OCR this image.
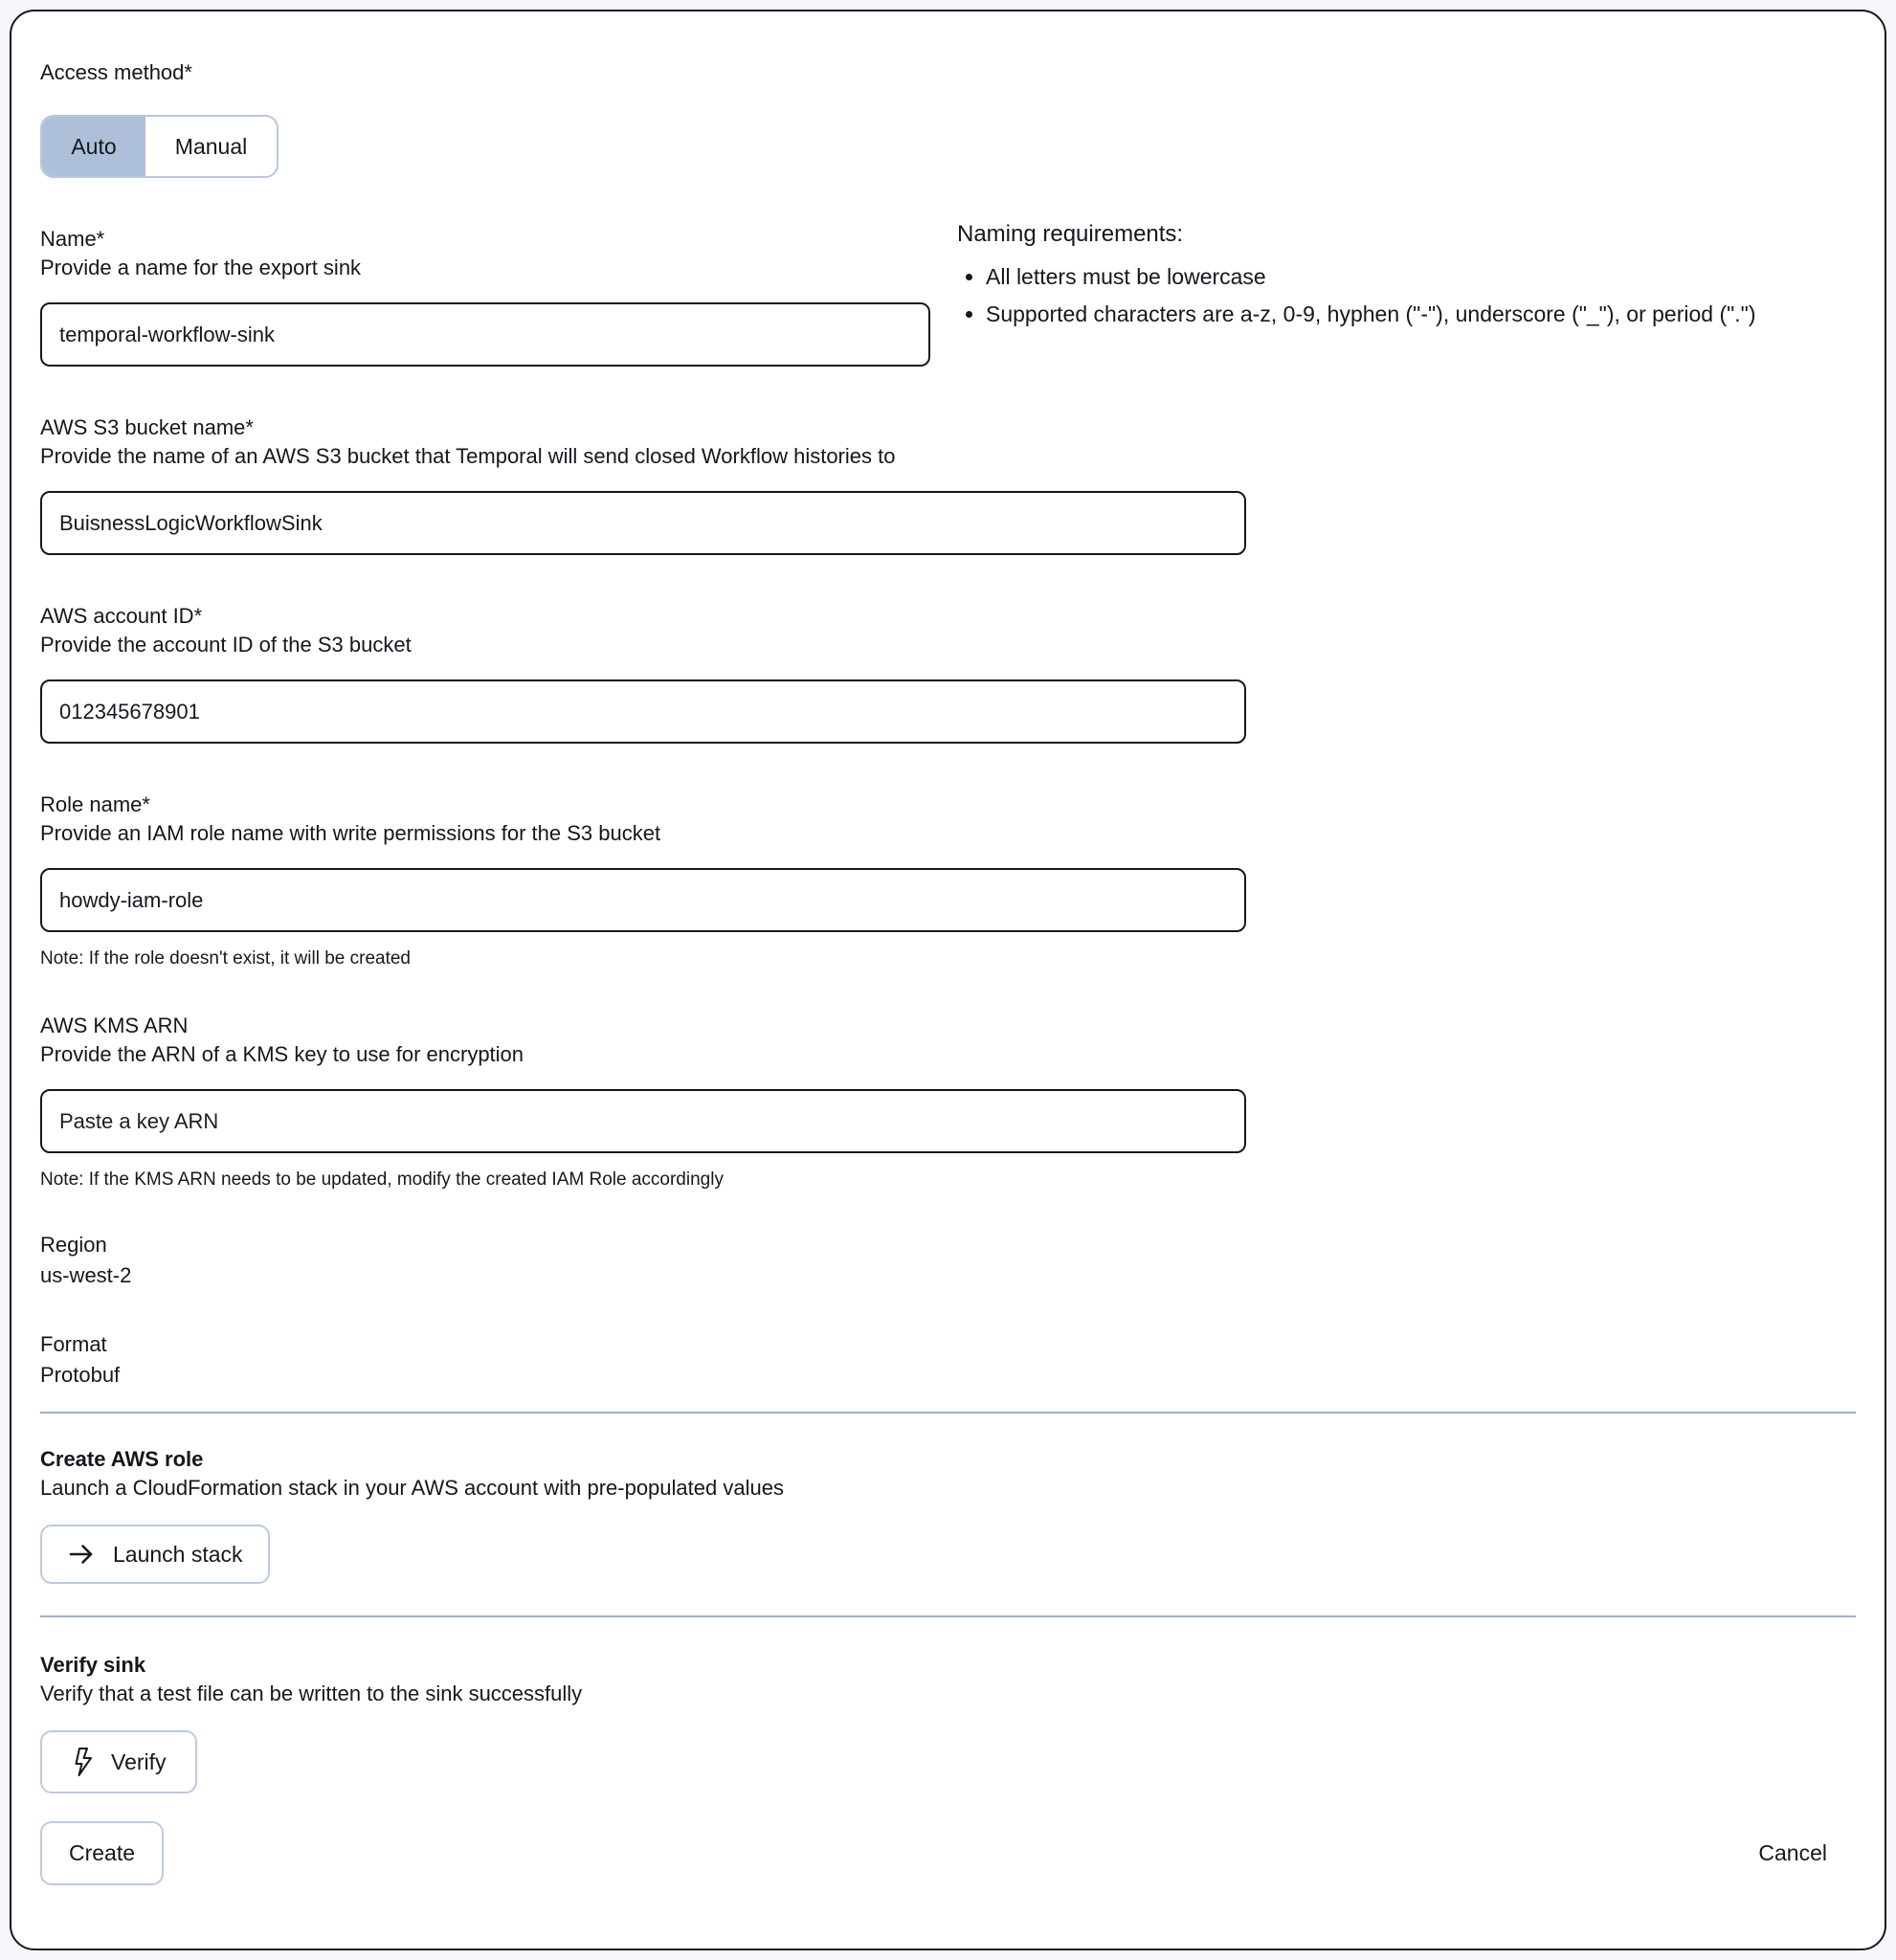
Access method*
Auto	Manual
Naming requirements:
• All letters must be lowercase
• Supported characters are a-z, 0-9, hyphen ("-"), underscore ("_"), or period (".")
Name*
Provide a name for the export sink
temporal-workflow-sink
AWS S3 bucket name*
Provide the name of an AWS S3 bucket that Temporal will send closed Workflow histories to
BuisnessLogicWorkflowSink
AWS account ID*
Provide the account ID of the S3 bucket
012345678901
Role name*
Provide an IAM role name with write permissions for the S3 bucket
howdy-iam-role
Note: If the role doesn't exist, it will be created
AWS KMS ARN
Provide the ARN of a KMS key to use for encryption
Paste a key ARN
Note: If the KMS ARN needs to be updated, modify the created IAM Role accordingly
Region
us-west-2
Format
Protobuf
Create AWS role
Launch a CloudFormation stack in your AWS account with pre-populated values
Launch stack
Verify sink
Verify that a test file can be written to the sink successfully
Verify
Create	Cancel
